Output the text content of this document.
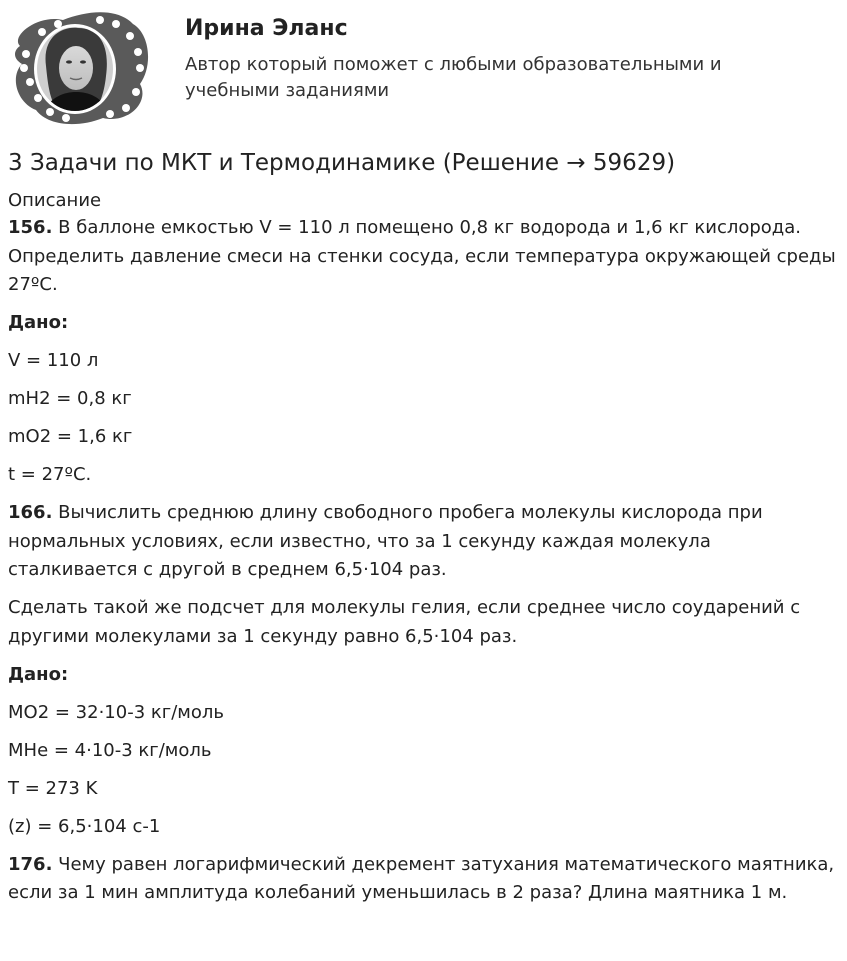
Ирина Эланс

Автор который поможет с любыми образовательными и учебными заданиями

3 Задачи по МКТ и Термодинамике (Решение → 59629)

Описание

156. В баллоне емкостью V = 110 л помещено 0,8 кг водорода и 1,6 кг кислорода. Определить давление смеси на стенки сосуда, если температура окружающей среды 27ºС.

Дано:

V = 110 л

mH2 = 0,8 кг

mO2 = 1,6 кг

t = 27ºС.

166. Вычислить среднюю длину свободного пробега молекулы кислорода при нормальных условиях, если известно, что за 1 секунду каждая молекула сталкивается с другой в среднем 6,5·104 раз.

Сделать такой же подсчет для молекулы гелия, если среднее число соударений с другими молекулами за 1 секунду равно 6,5·104 раз.

Дано:

MO2 = 32·10-3 кг/моль

MHe = 4·10-3 кг/моль

T = 273 K

(z) = 6,5·104 с-1

176. Чему равен логарифмический декремент затухания математического маятника, если за 1 мин амплитуда колебаний уменьшилась в 2 раза? Длина маятника 1 м.
